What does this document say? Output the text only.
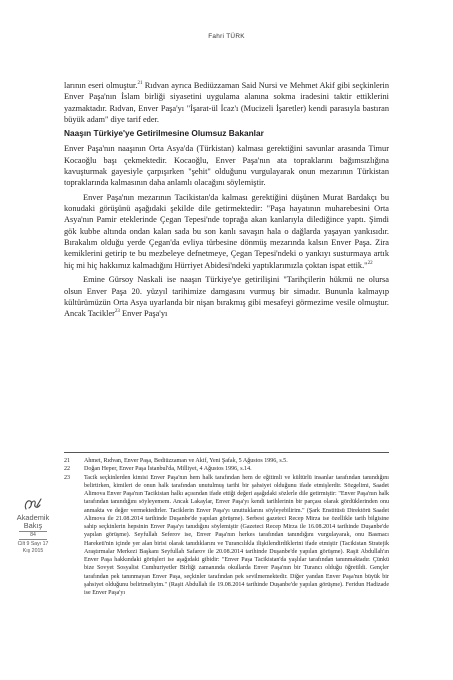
Fahri TÜRK

larının eseri olmuştur.$^{21}$ Rıdvan ayrıca Bediüzzaman Said Nursi ve Mehmet Akif gibi seçkinlerin Enver Paşa'nın İslam birliği siyasetini uygulama alanına sokma iradesini taktir ettiklerini yazmaktadır. Rıdvan, Enver Paşa'yı "İşarat-ül İcaz'ı (Mucizeli İşaretler) kendi parasıyla bastıran büyük adam" diye tarif eder.

Naaşın Türkiye'ye Getirilmesine Olumsuz Bakanlar

Enver Paşa'nın naaşının Orta Asya'da (Türkistan) kalması gerektiğini savunlar arasında Timur Kocaoğlu başı çekmektedir. Kocaoğlu, Enver Paşa'nın ata topraklarını bağımsızlığına kavuşturmak gayesiyle çarpışırken "şehit" olduğunu vurgulayarak onun mezarının Türkistan topraklarında kalmasının daha anlamlı olacağını söylemiştir.

Enver Paşa'nın mezarının Tacikistan'da kalması gerektiğini düşünen Murat Bardakçı bu konudaki görüşünü aşağıdaki şekilde dile getirmektedir: "Paşa hayatının muharebesini Orta Asya'nın Pamir eteklerinde Çegan Tepesi'nde toprağa akan kanlarıyla dilediğince yaptı. Şimdi gök kubbe altında ondan kalan sada bu son kanlı savaşın hala o dağlarda yaşayan yankısıdır. Bırakalım olduğu yerde Çegan'da evliya türbesine dönmüş mezarında kalsın Enver Paşa. Zira kemiklerini getirip te bu mezbeleye defnetmeye, Çegan Tepesi'ndeki o yankıyı susturmaya artık hiç mi hiç hakkımız kalmadığını Hürriyet Abidesi'ndeki yaptıklarımızla çoktan ispat ettik."$^{22}$

Emine Gürsoy Naskali ise naaşın Türkiye'ye getirilişini "Tarihçilerin hükmü ne olursa olsun Enver Paşa 20. yüzyıl tarihimize damgasını vurmuş bir simadır. Bununla kalmayıp kültürümüzün Orta Asya uyarlanda bir nişan bırakmış gibi mesafeyi görmezime vesile olmuştur. Ancak Tacikler$^{23}$ Enver Paşa'yı

21	Ahmet, Rıdvan, Enver Paşa, Bediüzzaman ve Akif, Yeni Şafak, 5 Ağustos 1996, s.5.
22	Doğan Heper, Enver Paşa İstanbul'da, Milliyet, 4 Ağustos 1996, s.14.
23	Tacik seçkinlerden kimisi Enver Paşa'nın hem halk tarafından hem de eğitimli ve kültürlü insanlar tarafından tanındığını belirtirken, kimileri de onun halk tarafından unutulmuş tarihi bir şahsiyet olduğunu ifade etmişlerdir. Sözgelimi, Saadet Alimova Enver Paşa'nın Tacikistan halkı açısından ifade ettiği değeri aşağıdaki sözlerle dile getirmiştir: "Enver Paşa'nın halk tarafından tanındığını söyleyemem. Ancak Lakaylar, Enver Paşa'yı kendi tarihlerinin bir parçası olarak gördüklerinden onu anmakta ve değer vermektedirler. Taciklerin Enver Paşa'yı unuttuklarını söyleyebilirim." (Şark Enstitüsü Direktörü Saadet Alimova ile 21.08.2014 tarihinde Duşanbe'de yapılan görüşme). Serbest gazeteci Recep Mirza ise özellikle tarih bilgisine sahip seçkinlerin hepsinin Enver Paşa'yı tanıdığını söylemiştir (Gazeteci Recep Mirza ile 16.08.2014 tarihinde Duşanbe'de yapılan görüşme). Seyfullah Seferov ise, Enver Paşa'nın herkes tarafından tanındığını vurgulayarak, onu Basmacı Hareketi'nin içinde yer alan birisi olarak tanıdıklarını ve Turancılıkla ilişkilendirdiklerini ifade etmiştir (Tacikistan Stratejik Araştırmalar Merkezi Başkanı Seyfullah Safarov ile 20.08.2014 tarihinde Duşanbe'de yapılan görüşme). Raşit Abdullah'ın Enver Paşa hakkındaki görüşleri ise aşağıdaki gibidir: "Enver Paşa Tacikistan'da yaşlılar tarafından tanınmaktadır. Çünkü bize Sovyet Sosyalist Cumhuriyetler Birliği zamanında okullarda Enver Paşa'nın bir Turancı olduğu öğretildi. Gençler tarafından pek tanınmayan Enver Paşa, seçkinler tarafından pek sevilmemektedir. Diğer yandan Enver Paşa'nın büyük bir şahsiyet olduğunu belirtmeliyim." (Raşit Abdullah ile 19.08.2014 tarihinde Duşanbe'de yapılan görüşme). Feridun Hadizade ise Enver Paşa'yı
Akademik
Bakış
84
Cilt 9 Sayı 17
Kış 2015
